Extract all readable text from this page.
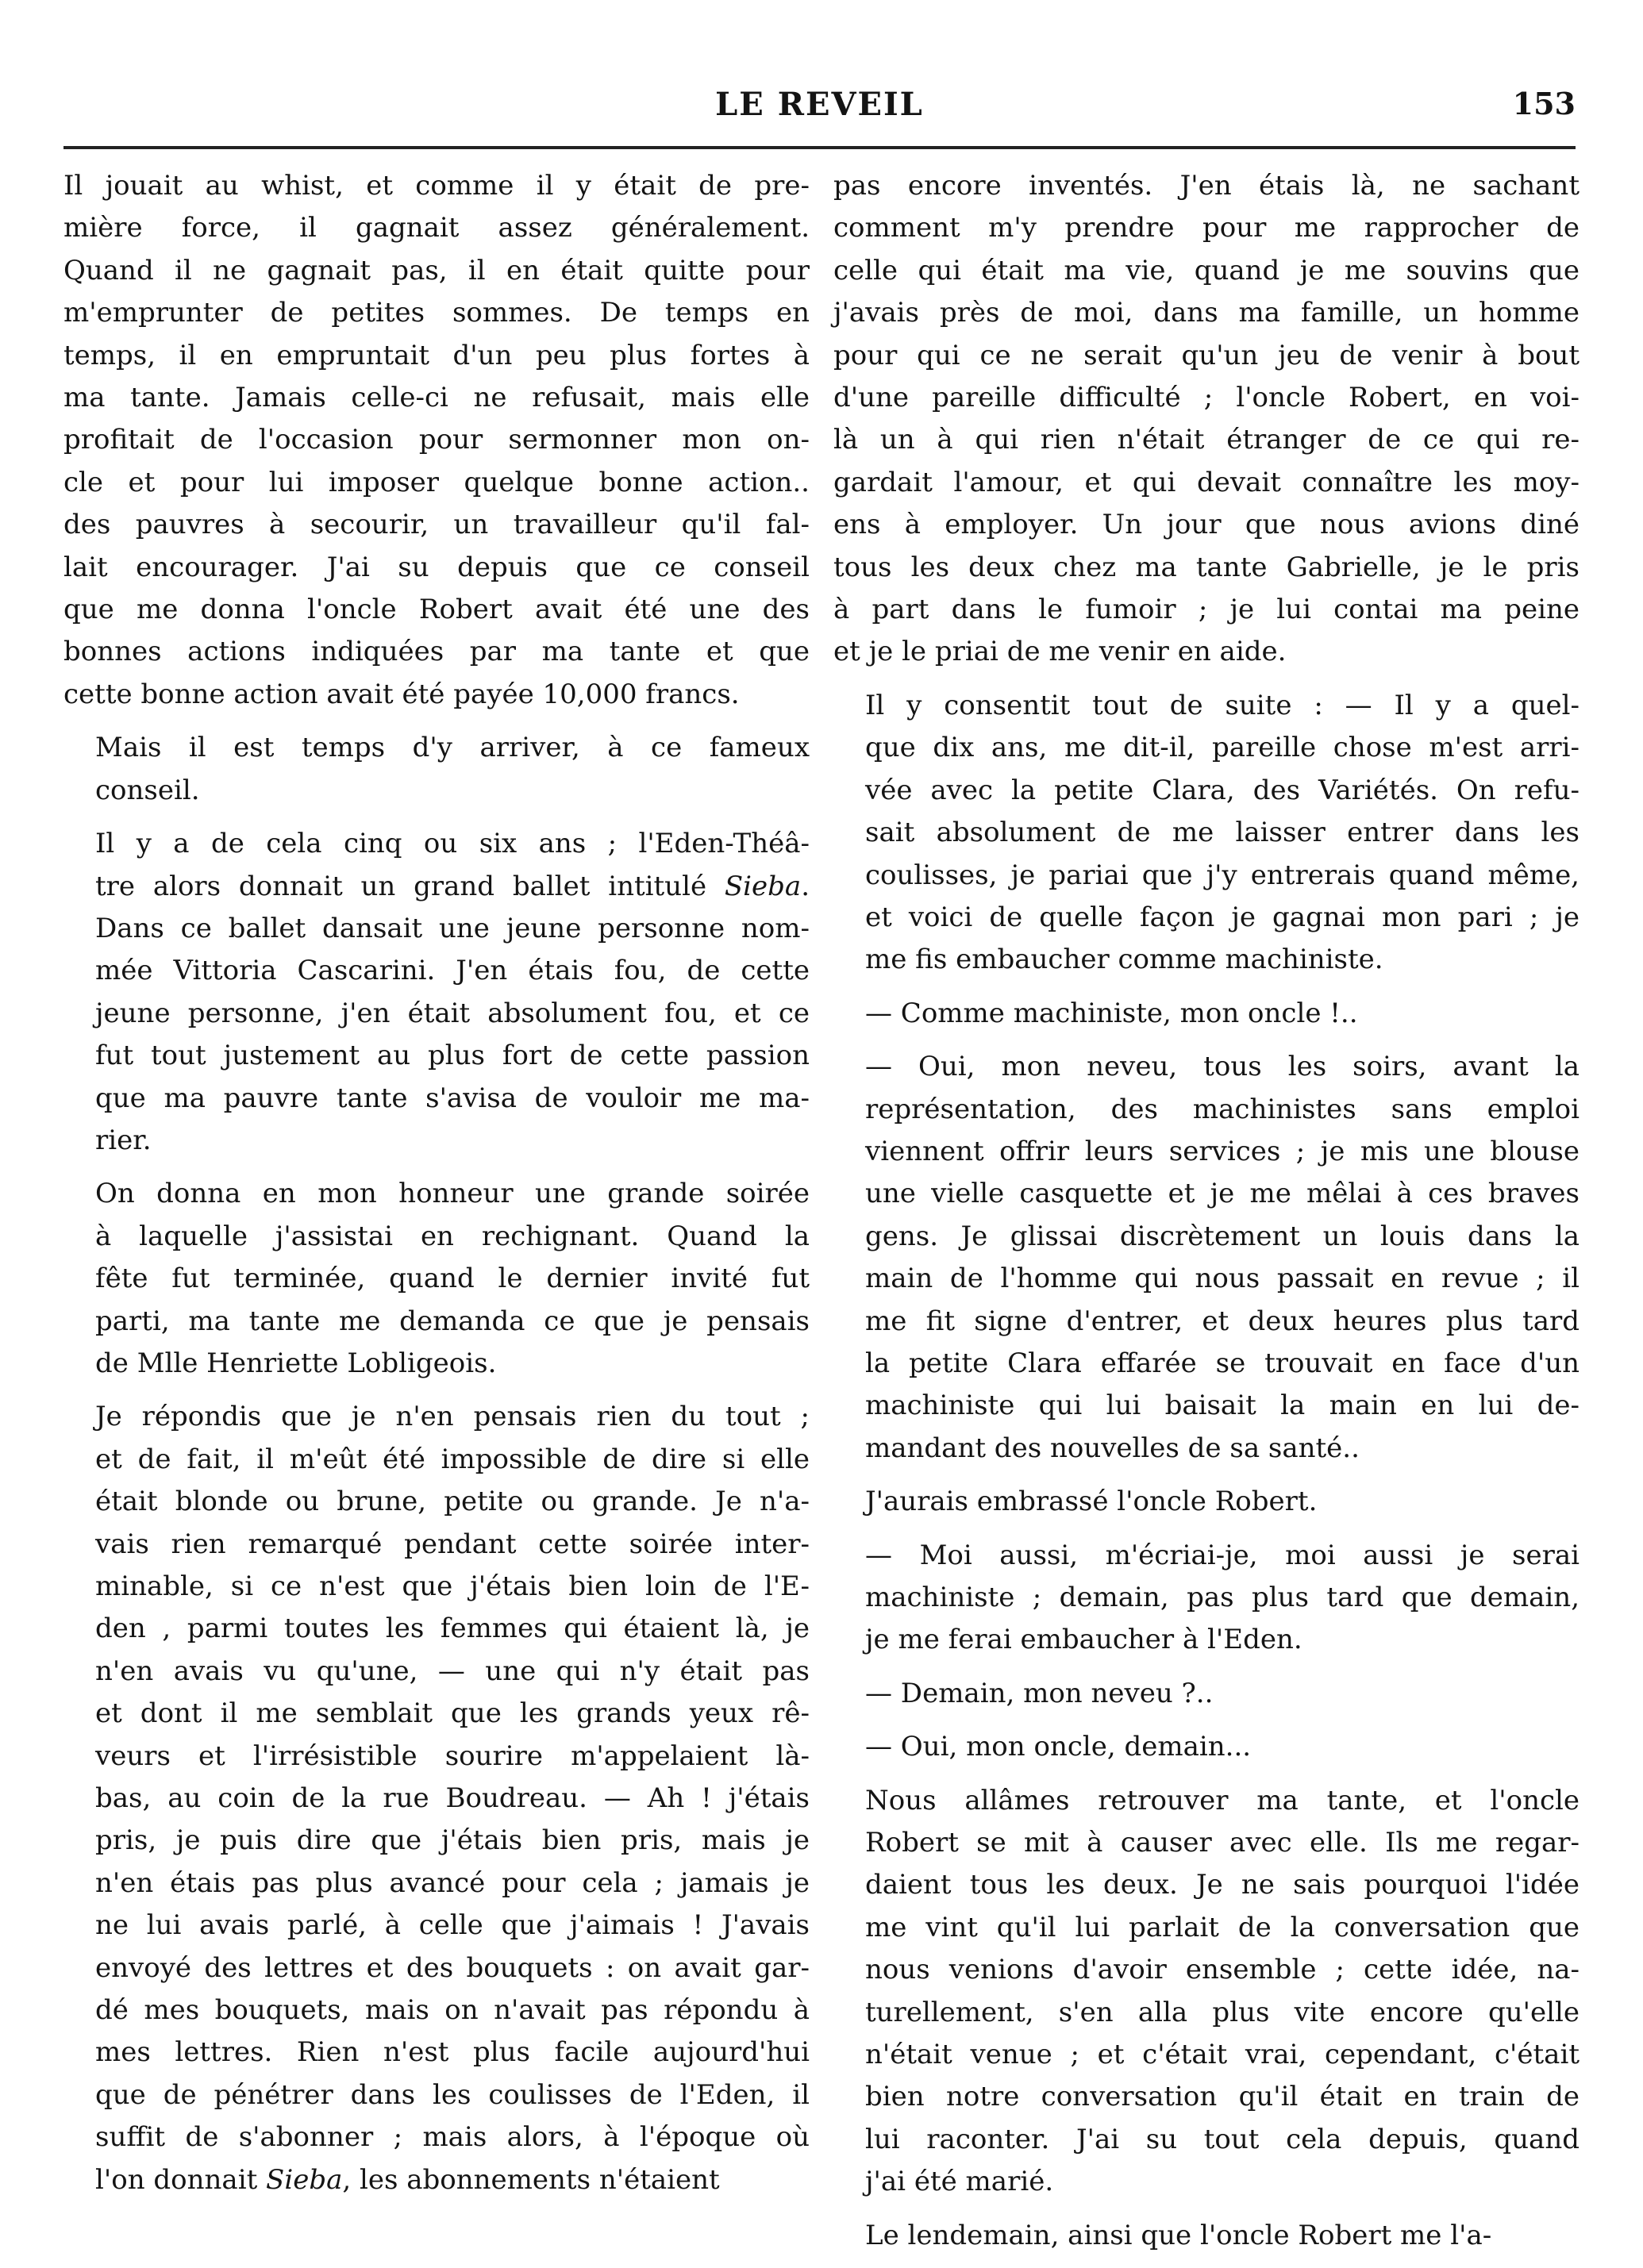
LE REVEIL	153

Il jouait au whist, et comme il y était de pre-
mière force, il gagnait assez généralement.
Quand il ne gagnait pas, il en était quitte pour
m'emprunter de petites sommes. De temps en
temps, il en empruntait d'un peu plus fortes à
ma tante. Jamais celle-ci ne refusait, mais elle
profitait de l'occasion pour sermonner mon on-
cle et pour lui imposer quelque bonne action..
des pauvres à secourir, un travailleur qu'il fal-
lait encourager. J'ai su depuis que ce conseil
que me donna l'oncle Robert avait été une des
bonnes actions indiquées par ma tante et que
cette bonne action avait été payée 10,000 francs.

Mais il est temps d'y arriver, à ce fameux
conseil.

Il y a de cela cinq ou six ans ; l'Eden-Théâ-
tre alors donnait un grand ballet intitulé Sieba.
Dans ce ballet dansait une jeune personne nom-
mée Vittoria Cascarini. J'en étais fou, de cette
jeune personne, j'en était absolument fou, et ce
fut tout justement au plus fort de cette passion
que ma pauvre tante s'avisa de vouloir me ma-
rier.

On donna en mon honneur une grande soirée
à laquelle j'assistai en rechignant. Quand la
fête fut terminée, quand le dernier invité fut
parti, ma tante me demanda ce que je pensais
de Mlle Henriette Lobligeois.

Je répondis que je n'en pensais rien du tout ;
et de fait, il m'eût été impossible de dire si elle
était blonde ou brune, petite ou grande. Je n'a-
vais rien remarqué pendant cette soirée inter-
minable, si ce n'est que j'étais bien loin de l'E-
den , parmi toutes les femmes qui étaient là, je
n'en avais vu qu'une, — une qui n'y était pas
et dont il me semblait que les grands yeux rê-
veurs et l'irrésistible sourire m'appelaient là-
bas, au coin de la rue Boudreau. — Ah ! j'étais
pris, je puis dire que j'étais bien pris, mais je
n'en étais pas plus avancé pour cela ; jamais je
ne lui avais parlé, à celle que j'aimais ! J'avais
envoyé des lettres et des bouquets : on avait gar-
dé mes bouquets, mais on n'avait pas répondu à
mes lettres. Rien n'est plus facile aujourd'hui
que de pénétrer dans les coulisses de l'Eden, il
suffit de s'abonner ; mais alors, à l'époque où
l'on donnait Sieba, les abonnements n'étaient

pas encore inventés. J'en étais là, ne sachant
comment m'y prendre pour me rapprocher de
celle qui était ma vie, quand je me souvins que
j'avais près de moi, dans ma famille, un homme
pour qui ce ne serait qu'un jeu de venir à bout
d'une pareille difficulté ; l'oncle Robert, en voi-
là un à qui rien n'était étranger de ce qui re-
gardait l'amour, et qui devait connaître les moy-
ens à employer. Un jour que nous avions diné
tous les deux chez ma tante Gabrielle, je le pris
à part dans le fumoir ; je lui contai ma peine
et je le priai de me venir en aide.

Il y consentit tout de suite : — Il y a quel-
que dix ans, me dit-il, pareille chose m'est arri-
vée avec la petite Clara, des Variétés. On refu-
sait absolument de me laisser entrer dans les
coulisses, je pariai que j'y entrerais quand même,
et voici de quelle façon je gagnai mon pari ; je
me fis embaucher comme machiniste.

— Comme machiniste, mon oncle !..

— Oui, mon neveu, tous les soirs, avant la
représentation, des machinistes sans emploi
viennent offrir leurs services ; je mis une blouse
une vielle casquette et je me mêlai à ces braves
gens. Je glissai discrètement un louis dans la
main de l'homme qui nous passait en revue ; il
me fit signe d'entrer, et deux heures plus tard
la petite Clara effarée se trouvait en face d'un
machiniste qui lui baisait la main en lui de-
mandant des nouvelles de sa santé..

J'aurais embrassé l'oncle Robert.

— Moi aussi, m'écriai-je, moi aussi je serai
machiniste ; demain, pas plus tard que demain,
je me ferai embaucher à l'Eden.

— Demain, mon neveu ?..

— Oui, mon oncle, demain...

Nous allâmes retrouver ma tante, et l'oncle
Robert se mit à causer avec elle. Ils me regar-
daient tous les deux. Je ne sais pourquoi l'idée
me vint qu'il lui parlait de la conversation que
nous venions d'avoir ensemble ; cette idée, na-
turellement, s'en alla plus vite encore qu'elle
n'était venue ; et c'était vrai, cependant, c'était
bien notre conversation qu'il était en train de
lui raconter. J'ai su tout cela depuis, quand
j'ai été marié.

Le lendemain, ainsi que l'oncle Robert me l'a-
